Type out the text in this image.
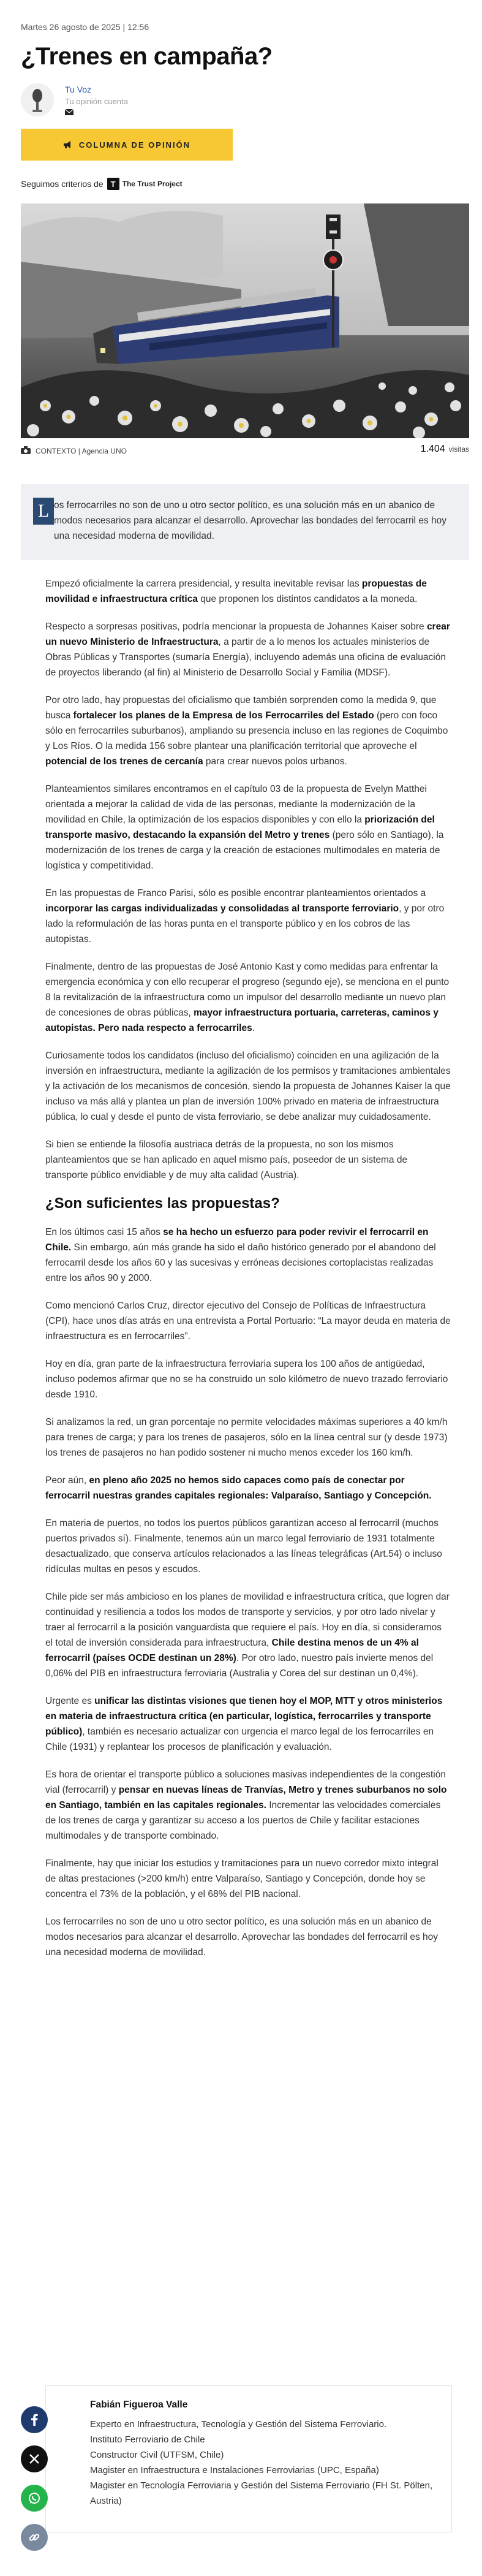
Martes 26 agosto de 2025 | 12:56
¿Trenes en campaña?
Tu Voz
Tu opinión cuenta
COLUMNA DE OPINIÓN
Seguimos criterios de T The Trust Project
CONTEXTO | Agencia UNO	1.404 visitas
L os ferrocarriles no son de uno u otro sector político, es una solución más en un abanico de modos necesarios para alcanzar el desarrollo. Aprovechar las bondades del ferrocarril es hoy una necesidad moderna de movilidad.

Empezó oficialmente la carrera presidencial, y resulta inevitable revisar las propuestas de movilidad e infraestructura crítica que proponen los distintos candidatos a la moneda.

Respecto a sorpresas positivas, podría mencionar la propuesta de Johannes Kaiser sobre crear un nuevo Ministerio de Infraestructura, a partir de a lo menos los actuales ministerios de Obras Públicas y Transportes (sumaría Energía), incluyendo además una oficina de evaluación de proyectos liberando (al fin) al Ministerio de Desarrollo Social y Familia (MDSF).

Por otro lado, hay propuestas del oficialismo que también sorprenden como la medida 9, que busca fortalecer los planes de la Empresa de los Ferrocarriles del Estado (pero con foco sólo en ferrocarriles suburbanos), ampliando su presencia incluso en las regiones de Coquimbo y Los Ríos. O la medida 156 sobre plantear una planificación territorial que aproveche el potencial de los trenes de cercanía para crear nuevos polos urbanos.

Planteamientos similares encontramos en el capítulo 03 de la propuesta de Evelyn Matthei orientada a mejorar la calidad de vida de las personas, mediante la modernización de la movilidad en Chile, la optimización de los espacios disponibles y con ello la priorización del transporte masivo, destacando la expansión del Metro y trenes (pero sólo en Santiago), la modernización de los trenes de carga y la creación de estaciones multimodales en materia de logística y competitividad.

En las propuestas de Franco Parisi, sólo es posible encontrar planteamientos orientados a incorporar las cargas individualizadas y consolidadas al transporte ferroviario, y por otro lado la reformulación de las horas punta en el transporte público y en los cobros de las autopistas.

Finalmente, dentro de las propuestas de José Antonio Kast y como medidas para enfrentar la emergencia económica y con ello recuperar el progreso (segundo eje), se menciona en el punto 8 la revitalización de la infraestructura como un impulsor del desarrollo mediante un nuevo plan de concesiones de obras públicas, mayor infraestructura portuaria, carreteras, caminos y autopistas. Pero nada respecto a ferrocarriles.

Curiosamente todos los candidatos (incluso del oficialismo) coinciden en una agilización de la inversión en infraestructura, mediante la agilización de los permisos y tramitaciones ambientales y la activación de los mecanismos de concesión, siendo la propuesta de Johannes Kaiser la que incluso va más allá y plantea un plan de inversión 100% privado en materia de infraestructura pública, lo cual y desde el punto de vista ferroviario, se debe analizar muy cuidadosamente.

Si bien se entiende la filosofía austriaca detrás de la propuesta, no son los mismos planteamientos que se han aplicado en aquel mismo país, poseedor de un sistema de transporte público envidiable y de muy alta calidad (Austria).

¿Son suficientes las propuestas?

En los últimos casi 15 años se ha hecho un esfuerzo para poder revivir el ferrocarril en Chile. Sin embargo, aún más grande ha sido el daño histórico generado por el abandono del ferrocarril desde los años 60 y las sucesivas y erróneas decisiones cortoplacistas realizadas entre los años 90 y 2000.

Como mencionó Carlos Cruz, director ejecutivo del Consejo de Políticas de Infraestructura (CPI), hace unos días atrás en una entrevista a Portal Portuario: “La mayor deuda en materia de infraestructura es en ferrocarriles”.

Hoy en día, gran parte de la infraestructura ferroviaria supera los 100 años de antigüedad, incluso podemos afirmar que no se ha construido un solo kilómetro de nuevo trazado ferroviario desde 1910.

Si analizamos la red, un gran porcentaje no permite velocidades máximas superiores a 40 km/h para trenes de carga; y para los trenes de pasajeros, sólo en la línea central sur (y desde 1973) los trenes de pasajeros no han podido sostener ni mucho menos exceder los 160 km/h.

Peor aún, en pleno año 2025 no hemos sido capaces como país de conectar por ferrocarril nuestras grandes capitales regionales: Valparaíso, Santiago y Concepción.

En materia de puertos, no todos los puertos públicos garantizan acceso al ferrocarril (muchos puertos privados sí). Finalmente, tenemos aún un marco legal ferroviario de 1931 totalmente desactualizado, que conserva artículos relacionados a las líneas telegráficas (Art.54) o incluso ridículas multas en pesos y escudos.

Chile pide ser más ambicioso en los planes de movilidad e infraestructura crítica, que logren dar continuidad y resiliencia a todos los modos de transporte y servicios, y por otro lado nivelar y traer al ferrocarril a la posición vanguardista que requiere el país. Hoy en día, si consideramos el total de inversión considerada para infraestructura, Chile destina menos de un 4% al ferrocarril (países OCDE destinan un 28%). Por otro lado, nuestro país invierte menos del 0,06% del PIB en infraestructura ferroviaria (Australia y Corea del sur destinan un 0,4%).

Urgente es unificar las distintas visiones que tienen hoy el MOP, MTT y otros ministerios en materia de infraestructura crítica (en particular, logística, ferrocarriles y transporte público), también es necesario actualizar con urgencia el marco legal de los ferrocarriles en Chile (1931) y replantear los procesos de planificación y evaluación.

Es hora de orientar el transporte público a soluciones masivas independientes de la congestión vial (ferrocarril) y pensar en nuevas líneas de Tranvías, Metro y trenes suburbanos no solo en Santiago, también en las capitales regionales. Incrementar las velocidades comerciales de los trenes de carga y garantizar su acceso a los puertos de Chile y facilitar estaciones multimodales y de transporte combinado.

Finalmente, hay que iniciar los estudios y tramitaciones para un nuevo corredor mixto integral de altas prestaciones (>200 km/h) entre Valparaíso, Santiago y Concepción, donde hoy se concentra el 73% de la población, y el 68% del PIB nacional.

Los ferrocarriles no son de uno u otro sector político, es una solución más en un abanico de modos necesarios para alcanzar el desarrollo. Aprovechar las bondades del ferrocarril es hoy una necesidad moderna de movilidad.

Fabián Figueroa Valle
Experto en Infraestructura, Tecnología y Gestión del Sistema Ferroviario.
Instituto Ferroviario de Chile
Constructor Civil (UTFSM, Chile)
Magister en Infraestructura e Instalaciones Ferroviarias (UPC, España)
Magister en Tecnología Ferroviaria y Gestión del Sistema Ferroviario (FH St. Pölten, Austria)
